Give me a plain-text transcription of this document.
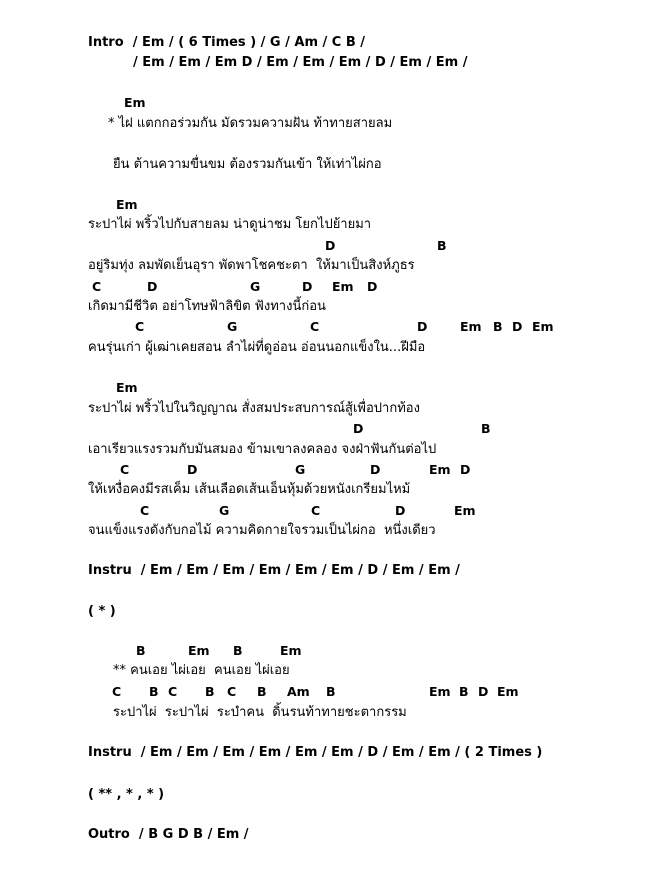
Intro  / Em / ( 6 Times ) / G / Am / C B /
/ Em / Em / Em D / Em / Em / Em / D / Em / Em /
Em
* ไฝ แตกกอร่วมกัน มัดรวมความฝัน ท้าทายสายลม
ยืน ต้านความขื่นขม ต้องรวมกันเข้า ให้เท่าไผ่กอ
Instru  / Em / Em / Em / Em / Em / Em / D / Em / Em /
( * )
Instru  / Em / Em / Em / Em / Em / Em / D / Em / Em / ( 2 Times )
( ** , * , * )
Outro  / B G D B / Em /
Em
ระปาไผ่ พริ้วไปกับสายลม น่าดูน่าชม โยกไปย้ายมา
D	B
อยู่ริมทุ่ง ลมพัดเย็นอุรา พัดพาโชคชะตา  ให้มาเป็นสิงห์ภูธร
C	D	G	D Em D
เกิดมามีชีวิต อย่าโทษฟ้าลิขิต ฟังทางนี้ก่อน
C	G	C	D	Em B D Em
คนรุ่นเก่า ผู้เฒ่าเคยสอน ลำไผ่ที่ดูอ่อน อ่อนนอกแข็งใน...ฝีมือ
Em
ระปาไผ่ พริ้วไปในวิญญาณ สั่งสมประสบการณ์สู้เพื่อปากท้อง
D	B
เอาเรียวแรงรวมกับมันสมอง ข้ามเขาลงคลอง จงฝ่าฟันกันต่อไป
C	D	G	D	Em D
ให้เหงื่อคงมีรสเค็ม เส้นเลือดเส้นเอ็นหุ้มด้วยหนังเกรียมไหม้
C	G	C	D	Em
จนแข็งแรงดังกับกอไม้ ความคิดกายใจรวมเป็นไผ่กอ  หนึ่งเดียว
B	Em B	Em
** คนเอย ไผ่เอย  คนเอย ไผ่เอย
C B C B C B Am B	Em B D Em
ระปาไผ่  ระปาไผ่  ระบำคน  ดิ้นรนท้าทายชะตากรรม
